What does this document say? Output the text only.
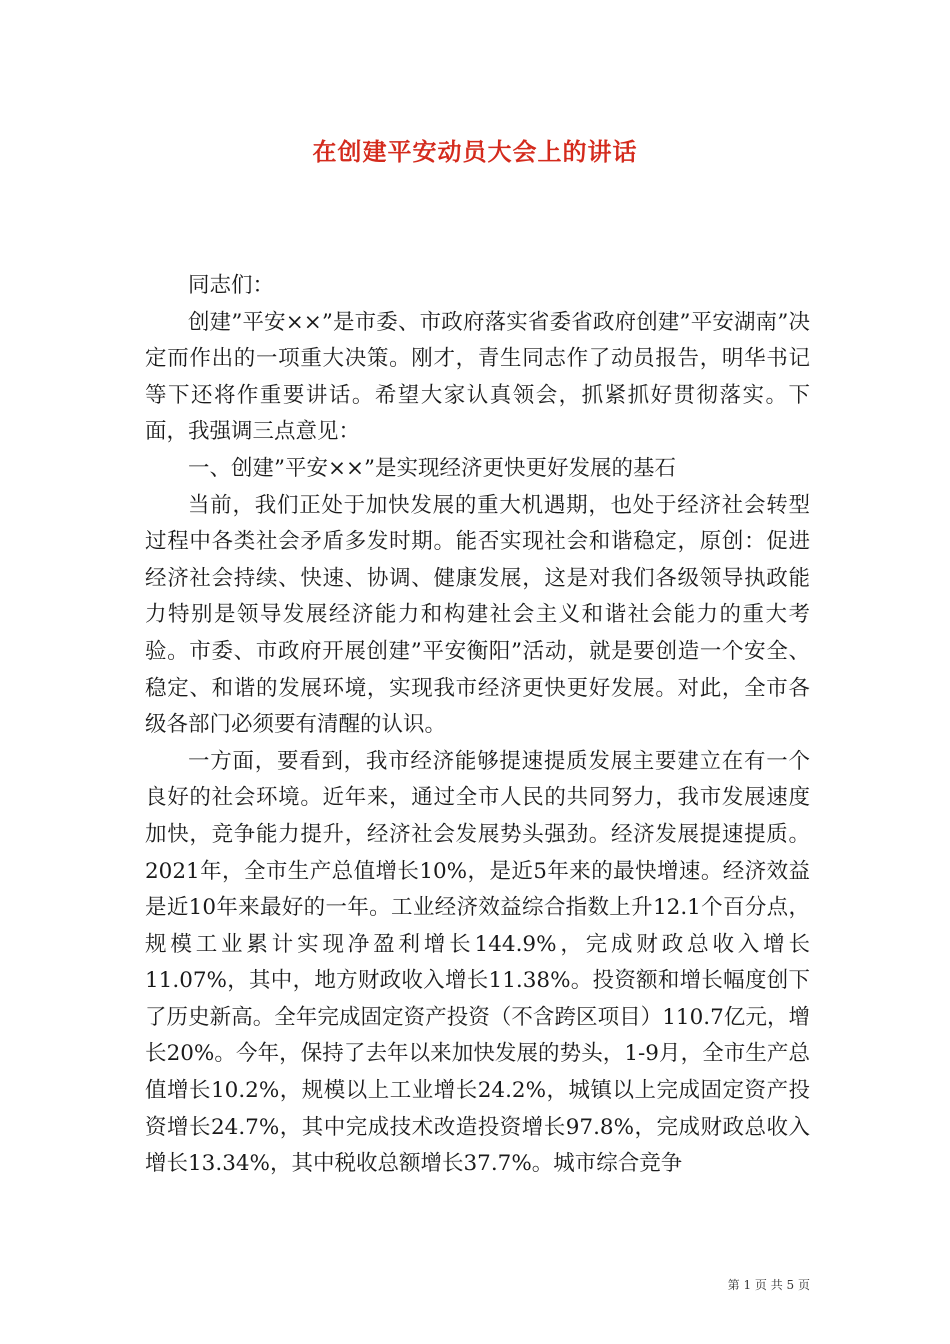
在创建平安动员大会上的讲话

同志们：

创建”平安××”是市委、市政府落实省委省政府创建”平安湖南”决定而作出的一项重大决策。刚才，青生同志作了动员报告，明华书记等下还将作重要讲话。希望大家认真领会，抓紧抓好贯彻落实。下面，我强调三点意见：

一、创建”平安××”是实现经济更快更好发展的基石

当前，我们正处于加快发展的重大机遇期，也处于经济社会转型过程中各类社会矛盾多发时期。能否实现社会和谐稳定，原创：促进经济社会持续、快速、协调、健康发展，这是对我们各级领导执政能力特别是领导发展经济能力和构建社会主义和谐社会能力的重大考验。市委、市政府开展创建”平安衡阳”活动，就是要创造一个安全、稳定、和谐的发展环境，实现我市经济更快更好发展。对此，全市各级各部门必须要有清醒的认识。

一方面，要看到，我市经济能够提速提质发展主要建立在有一个良好的社会环境。近年来，通过全市人民的共同努力，我市发展速度加快，竞争能力提升，经济社会发展势头强劲。经济发展提速提质。2021年，全市生产总值增长10%，是近5年来的最快增速。经济效益是近10年来最好的一年。工业经济效益综合指数上升12.1个百分点，规模工业累计实现净盈利增长144.9%，完成财政总收入增长11.07%，其中，地方财政收入增长11.38%。投资额和增长幅度创下了历史新高。全年完成固定资产投资（不含跨区项目）110.7亿元，增长20%。今年，保持了去年以来加快发展的势头，1-9月，全市生产总值增长10.2%，规模以上工业增长24.2%，城镇以上完成固定资产投资增长24.7%，其中完成技术改造投资增长97.8%，完成财政总收入增长13.34%，其中税收总额增长37.7%。城市综合竞争

第 1 页 共 5 页
